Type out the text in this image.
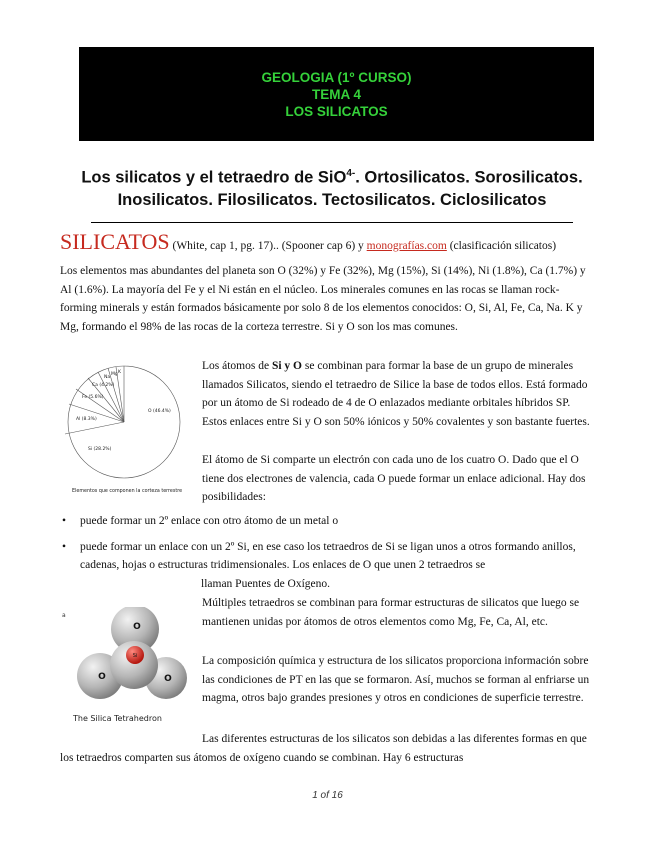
GEOLOGIA (1º CURSO)
TEMA 4
LOS SILICATOS
Los silicatos y el tetraedro de SiO$^{4-}$. Ortosilicatos. Sorosilicatos.
Inosilicatos. Filosilicatos. Tectosilicatos. Ciclosilicatos
SILICATOS (White, cap 1, pg. 17).. (Spooner cap 6) y monografías.com (clasificación silicatos)
Los elementos mas abundantes del planeta son O (32%) y Fe (32%), Mg (15%), Si (14%), Ni (1.8%), Ca (1.7%) y Al (1.6%). La mayoría del Fe y el Ni están en el núcleo. Los minerales comunes en las rocas se llaman rock-forming minerals y están formados básicamente por solo 8 de los elementos conocidos: O, Si, Al, Fe, Ca, Na. K y Mg, formando el 98% de las rocas de la corteza terrestre. Si y O son los mas comunes.
O (46.4%)
Si (28.2%)
Al (8.3%)
Fe (5.6%)
Ca (4.2%)
Na
Mg K
Elementos que componen la corteza terrestre
Los átomos de Si y O se combinan para formar la base de un grupo de minerales llamados Silicatos, siendo el tetraedro de Silice la base de todos ellos. Está formado por un átomo de Si rodeado de 4 de O enlazados mediante orbitales híbridos SP. Estos enlaces entre Si y O son 50% iónicos y 50% covalentes y son bastante fuertes.
El átomo de Si comparte un electrón con cada uno de los cuatro O. Dado que el O tiene dos electrones de valencia, cada O puede formar un enlace adicional. Hay dos posibilidades:
• puede formar un 2º enlace con otro átomo de un metal o
• puede formar un enlace con un 2º Si, en ese caso los tetraedros de Si se ligan unos a otros formando anillos, cadenas, hojas o estructuras tridimensionales. Los enlaces de O que unen 2 tetraedros se
llaman Puentes de Oxígeno.
a
O
O	O
Si
The Silica Tetrahedron
Múltiples tetraedros se combinan para formar estructuras de silicatos que luego se mantienen unidas por átomos de otros elementos como Mg, Fe, Ca, Al, etc.
La composición química y estructura de los silicatos proporciona información sobre las condiciones de PT en las que se formaron. Así, muchos se forman al enfriarse un magma, otros bajo grandes presiones y otros en condiciones de superficie terrestre.
Las diferentes estructuras de los silicatos son debidas a las diferentes formas en que los tetraedros comparten sus átomos de oxígeno cuando se combinan. Hay 6 estructuras
1 of 16
